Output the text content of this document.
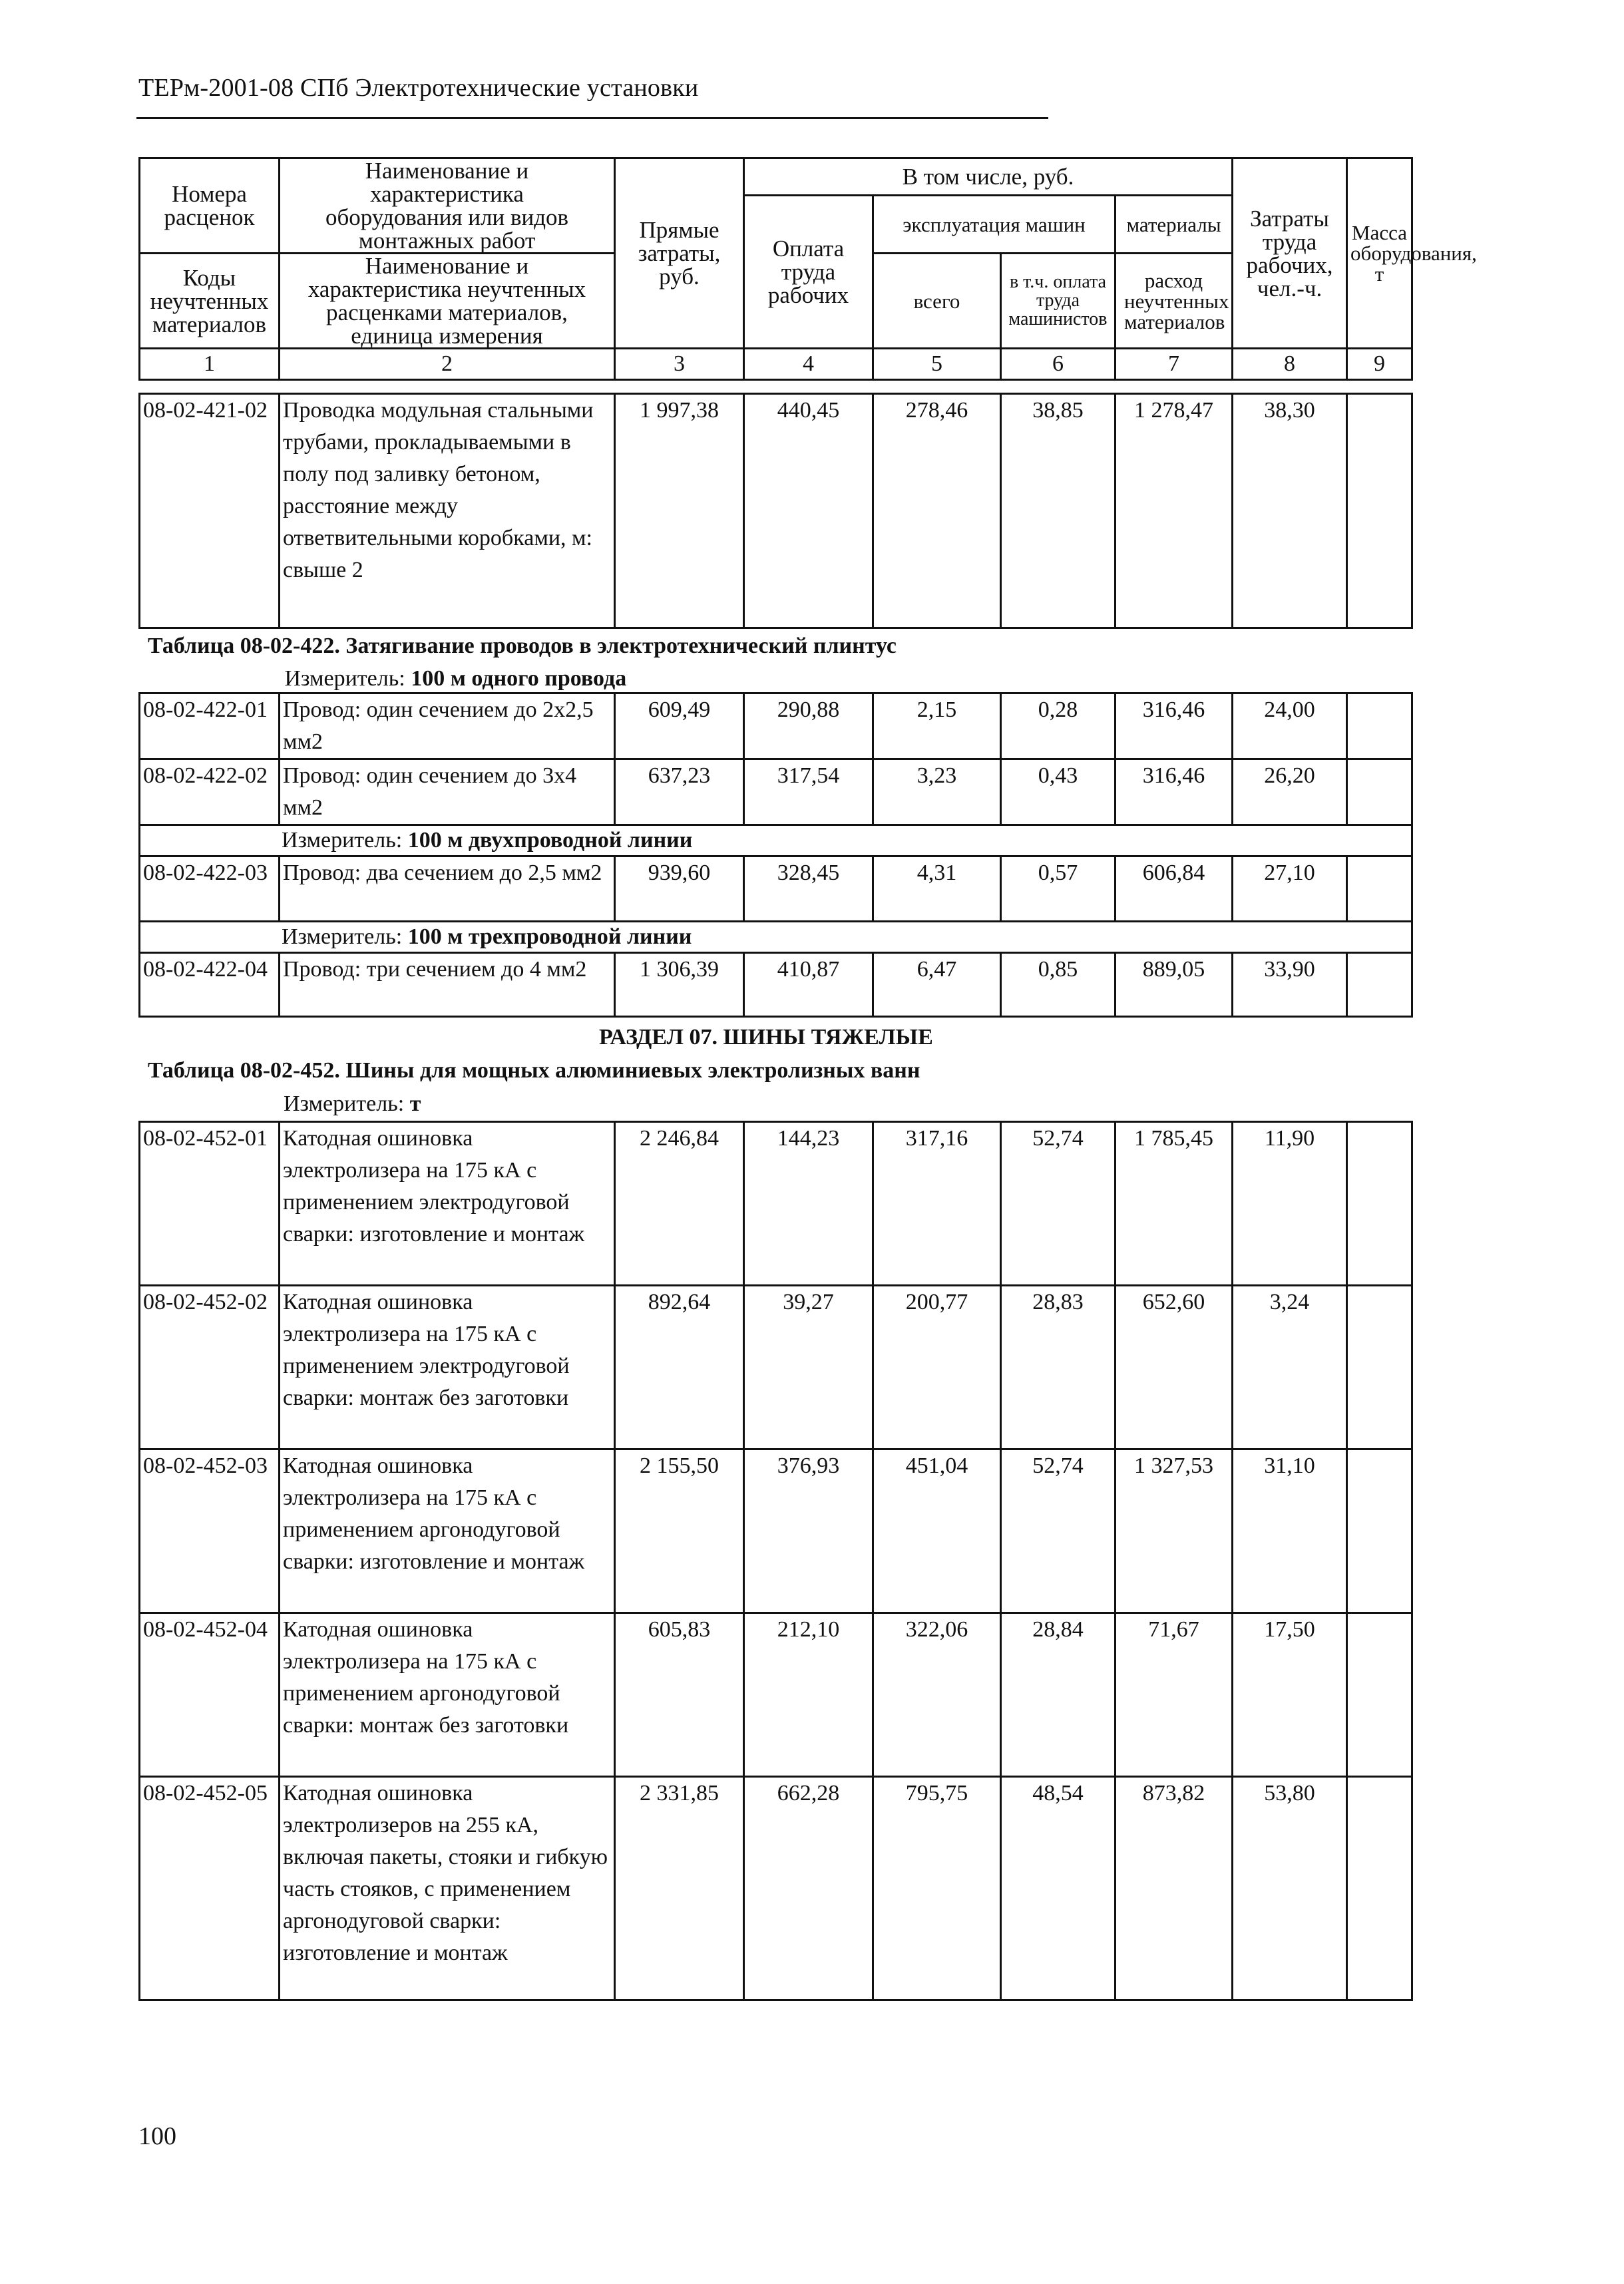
ТЕРм-2001-08 СПб Электротехнические установки
Номера расценок	Наименование и характеристика оборудования или видов монтажных работ	Прямые затраты, руб.	В том числе, руб.				Затраты труда рабочих, чел.-ч.	Масса оборудования, т
			Оплата труда рабочих	эксплуатация машин		материалы		
Коды неучтенных материалов	Наименование и характеристика неучтенных расценками материалов, единица измерения			всего	в т.ч. оплата труда машинистов	расход неучтенных материалов		

1	2	3	4	5	6	7	8	9
08-02-421-02	Проводка модульная стальными трубами, прокладываемыми в полу под заливку бетоном, расстояние между ответвительными коробками, м: свыше 2	1 997,38	440,45	278,46	38,85	1 278,47	38,30	
Таблица 08-02-422. Затягивание проводов в электротехнический плинтус
Измеритель: 100 м одного провода								
08-02-422-01	Провод: один сечением до 2х2,5 мм2	609,49	290,88	2,15	0,28	316,46	24,00	
08-02-422-02	Провод: один сечением до 3х4 мм2	637,23	317,54	3,23	0,43	316,46	26,20	
Измеритель: 100 м двухпроводной линии								
08-02-422-03	Провод: два сечением до 2,5 мм2	939,60	328,45	4,31	0,57	606,84	27,10	
Измеритель: 100 м трехпроводной линии								
08-02-422-04	Провод: три сечением до 4 мм2	1 306,39	410,87	6,47	0,85	889,05	33,90	
РАЗДЕЛ 07. ШИНЫ ТЯЖЕЛЫЕ
Таблица 08-02-452. Шины для мощных алюминиевых электролизных ванн
Измеритель: т
08-02-452-01	Катодная ошиновка электролизера на 175 кА с применением электродуговой сварки: изготовление и монтаж	2 246,84	144,23	317,16	52,74	1 785,45	11,90	
08-02-452-02	Катодная ошиновка электролизера на 175 кА с применением электродуговой сварки: монтаж без заготовки	892,64	39,27	200,77	28,83	652,60	3,24	
08-02-452-03	Катодная ошиновка электролизера на 175 кА с применением аргонодуговой сварки: изготовление и монтаж	2 155,50	376,93	451,04	52,74	1 327,53	31,10	
08-02-452-04	Катодная ошиновка электролизера на 175 кА с применением аргонодуговой сварки: монтаж без заготовки	605,83	212,10	322,06	28,84	71,67	17,50	
08-02-452-05	Катодная ошиновка электролизеров на 255 кА, включая пакеты, стояки и гибкую часть стояков, с применением аргонодуговой сварки: изготовление и монтаж	2 331,85	662,28	795,75	48,54	873,82	53,80	
100
